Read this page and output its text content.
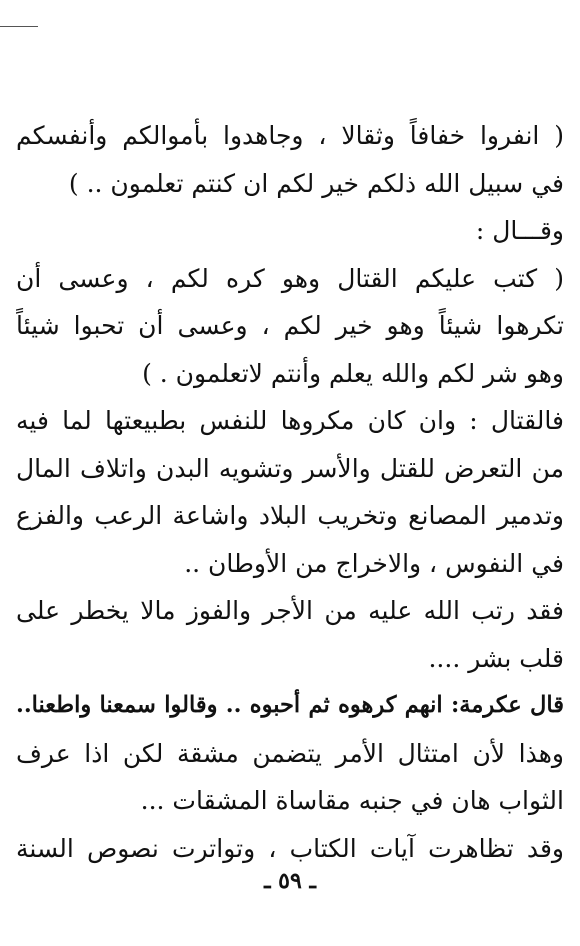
( انفروا خفافاً وثقالا ، وجاهدوا بأموالكم وأنفسكم
في سبيل الله ذلكم خير لكم ان كنتم تعلمون .. )
وقـــال :
( كتب عليكم القتال وهو كره لكم ، وعسى أن
تكرهوا شيئاً وهو خير لكم ، وعسى أن تحبوا شيئاً
وهو شر لكم والله يعلم وأنتم لاتعلمون . )
فالقتال : وان كان مكروها للنفس بطبيعتها لما فيه
من التعرض للقتل والأسر وتشويه البدن واتلاف المال
وتدمير المصانع وتخريب البلاد واشاعة الرعب والفزع
في النفوس ، والاخراج من الأوطان ..
فقد رتب الله عليه من الأجر والفوز مالا يخطر على
قلب بشر ....
قال عكرمة: انهم كرهوه ثم أحبوه .. وقالوا سمعنا واطعنا..
وهذا لأن امتثال الأمر يتضمن مشقة لكن اذا عرف
الثواب هان في جنبه مقاساة المشقات ...
وقد تظاهرت آيات الكتاب ، وتواترت نصوص السنة
ـ ٥٩ ـ
